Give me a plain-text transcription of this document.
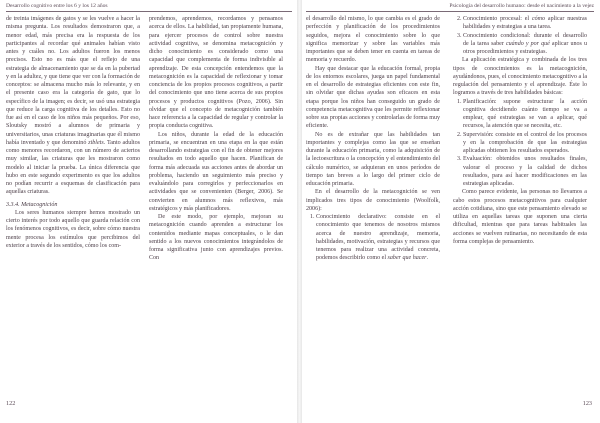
Desarrollo cognitivo entre los 6 y los 12 años

de treinta imágenes de gatos y se les vuelve a hacer la misma pregunta. Los resultados demostraron que, a menor edad, más precisa era la respuesta de los participantes al recordar qué animales habían visto antes y cuáles no. Los adultos fueron los menos precisos. Esto no es más que el reflejo de una estrategia de almacenamiento que se da en la pubertad y en la adultez, y que tiene que ver con la formación de conceptos: se almacena mucho más lo relevante, y en el presente caso era la categoría de gato, que lo específico de la imagen; es decir, se usó una estrategia que reduce la carga cognitiva de los detalles. Esto no fue así en el caso de los niños más pequeños. Por eso, Sloutsky mostró a alumnos de primaria y universitarios, unas criaturas imaginarias que él mismo había inventado y que denominó ziblets. Tanto adultos como menores recordaron, con un número de aciertos muy similar, las criaturas que les mostraron como modelo al iniciar la prueba. La única diferencia que hubo en este segundo experimento es que los adultos no podían recurrir a esquemas de clasificación para aquellas criaturas.

3.3.4. Metacognición

Los seres humanos siempre hemos mostrado un cierto interés por todo aquello que guarda relación con los fenómenos cognitivos, es decir, sobre cómo nuestra mente procesa los estímulos que percibimos del exterior a través de los sentidos, cómo los com-

prendemos, aprendemos, recordamos y pensamos acerca de ellos. La habilidad, tan propiamente humana, para ejercer procesos de control sobre nuestra actividad cognitiva, se denomina metacognición y dicho conocimiento es considerado como una capacidad que complementa de forma indivisible al aprendizaje. De esta concepción entendemos que la metacognición es la capacidad de reflexionar y tomar conciencia de los propios procesos cognitivos, a partir del conocimiento que uno tiene acerca de sus propios procesos y productos cognitivos (Pozo, 2006). Sin olvidar que el concepto de metacognición también hace referencia a la capacidad de regular y controlar la propia conducta cognitiva.

Los niños, durante la edad de la educación primaria, se encuentran en una etapa en la que están desarrollando estrategias con el fin de obtener mejores resultados en todo aquello que hacen. Planifican de forma más adecuada sus acciones antes de abordar un problema, haciendo un seguimiento más preciso y evaluándolo para corregirlos y perfeccionarlos en actividades que se convenienten (Berger, 2006). Se convierten en alumnos más reflexivos, más estratégicos y más planificadores.

De este modo, por ejemplo, mejoran su metacognición cuando aprenden a estructurar los contenidos mediante mapas conceptuales, o le dan sentido a los nuevos conocimientos integrándolos de forma significativa junto con aprendizajes previos. Con

122
Psicología del desarrollo humano: desde el nacimiento a la vejez

el desarrollo del mismo, lo que cambia es el grado de perfección y planificación de los procedimientos seguidos, mejora el conocimiento sobre lo que significa memorizar y sobre las variables más importantes que se deben tener en cuenta en tareas de memoria y recuerdo.

Hay que destacar que la educación formal, propia de los entornos escolares, juega un papel fundamental en el desarrollo de estrategias eficientes con este fin, sin olvidar que dichas ayudas son eficaces en esta etapa porque los niños han conseguido un grado de competencia metacognitiva que les permite reflexionar sobre sus propias acciones y controlarlas de forma muy eficiente.

No es de extrañar que las habilidades tan importantes y complejas como las que se enseñan durante la educación primaria, como la adquisición de la lectoescritura o la concepción y el entendimiento del cálculo numérico, se adquieran en unos períodos de tiempo tan breves a lo largo del primer ciclo de educación primaria.

En el desarrollo de la metacognición se ven implicados tres tipos de conocimiento (Woolfolk, 2006):

1. Conocimiento declarativo: consiste en el conocimiento que tenemos de nosotros mismos acerca de nuestro aprendizaje, memoria, habilidades, motivación, estrategias y recursos que tenemos para realizar una actividad concreta, podemos describirlo como el saber que hacer.
2. Conocimiento procesal: el cómo aplicar nuestras habilidades y estrategias a una tarea.
3. Conocimiento condicional: durante el desarrollo de la tarea saber cuándo y por qué aplicar unos u otros procedimientos y estrategias.

La aplicación estratégica y combinada de los tres tipos de conocimientos es la metacognición, ayudándonos, pues, el conocimiento metacognitivo a la regulación del pensamiento y el aprendizaje. Éste lo logramos a través de tres habilidades básicas:

1. Planificación: supone estructurar la acción cognitiva decidiendo cuánto tiempo se va a emplear, qué estrategias se van a aplicar, qué recursos, la atención que se necesita, etc.
2. Supervisión: consiste en el control de los procesos y en la comprobación de que las estrategias aplicadas obtienen los resultados esperados.
3. Evaluación: obtenidos unos resultados finales, valorar el proceso y la calidad de dichos resultados, para así hacer modificaciones en las estrategias aplicadas.

Como parece evidente, las personas no llevamos a cabo estos procesos metacognitivos para cualquier acción cotidiana, sino que este pensamiento elevado se utiliza en aquellas tareas que suponen una cierta dificultad, mientras que para tareas habituales las acciones se vuelven rutinarias, no necesitando de esta forma complejas de pensamiento.

123
